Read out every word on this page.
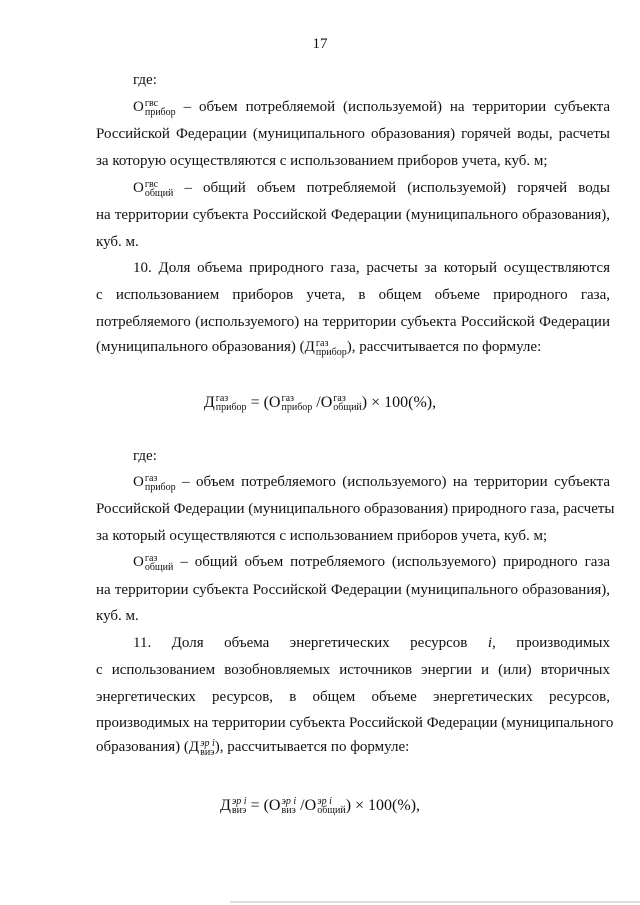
17
где:
О гвс
прибор – объем потребляемой (используемой) на территории субъекта
Российской Федерации (муниципального образования) горячей воды, расчеты
за которую осуществляются с использованием приборов учета, куб. м;
О гвс
общий – общий объем потребляемой (используемой) горячей воды
на территории субъекта Российской Федерации (муниципального образования),
куб. м.
10. Доля объема природного газа, расчеты за который осуществляются
с использованием приборов учета, в общем объеме природного газа,
потребляемого (используемого) на территории субъекта Российской Федерации
(муниципального образования) (Д газ
прибор ), рассчитывается по формуле:
Д газ
прибор = (О газ
прибор /О газ
общий ) × 100(%),
где:
О газ
прибор – объем потребляемого (используемого) на территории субъекта
Российской Федерации (муниципального образования) природного газа, расчеты
за который осуществляются с использованием приборов учета, куб. м;
О газ
общий – общий объем потребляемого (используемого) природного газа
на территории субъекта Российской Федерации (муниципального образования),
куб. м.
11. Доля объема энергетических ресурсов i, производимых
с использованием возобновляемых источников энергии и (или) вторичных
энергетических ресурсов, в общем объеме энергетических ресурсов,
производимых на территории субъекта Российской Федерации (муниципального
образования) (Д эр i
виэ ), рассчитывается по формуле:
Д эр i
виэ = (О эр i
виэ /О эр i
общий ) × 100(%),
